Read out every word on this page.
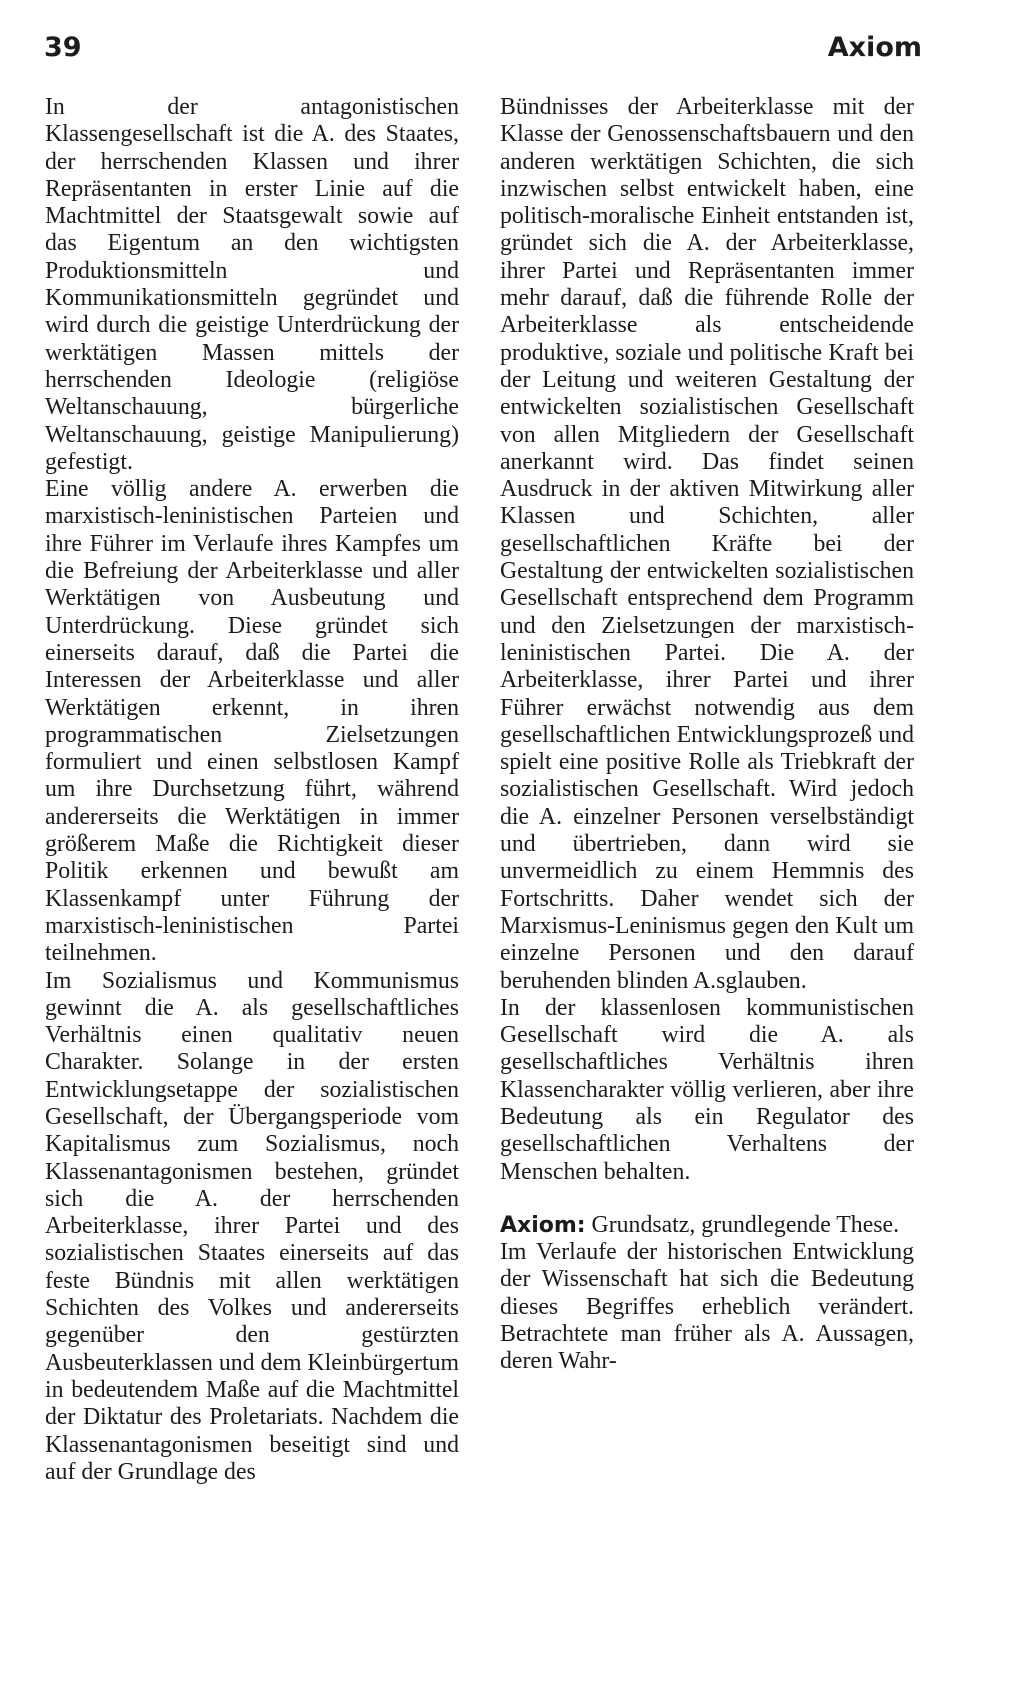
39	Axiom

In der antagonistischen Klassengesellschaft ist die A. des Staates, der herrschenden Klassen und ihrer Repräsentanten in erster Linie auf die Machtmittel der Staatsgewalt sowie auf das Eigentum an den wichtigsten Produktionsmitteln und Kommunikationsmitteln gegründet und wird durch die geistige Unterdrückung der werktätigen Massen mittels der herrschenden Ideologie (religiöse Weltanschauung, bürgerliche Weltanschauung, geistige Manipulierung) gefestigt.

Eine völlig andere A. erwerben die marxistisch-leninistischen Parteien und ihre Führer im Verlaufe ihres Kampfes um die Befreiung der Arbeiterklasse und aller Werktätigen von Ausbeutung und Unterdrückung. Diese gründet sich einerseits darauf, daß die Partei die Interessen der Arbeiterklasse und aller Werktätigen erkennt, in ihren programmatischen Zielsetzungen formuliert und einen selbstlosen Kampf um ihre Durchsetzung führt, während andererseits die Werktätigen in immer größerem Maße die Richtigkeit dieser Politik erkennen und bewußt am Klassenkampf unter Führung der marxistisch-leninistischen Partei teilnehmen.

Im Sozialismus und Kommunismus gewinnt die A. als gesellschaftliches Verhältnis einen qualitativ neuen Charakter. Solange in der ersten Entwicklungsetappe der sozialistischen Gesellschaft, der Übergangsperiode vom Kapitalismus zum Sozialismus, noch Klassenantagonismen bestehen, gründet sich die A. der herrschenden Arbeiterklasse, ihrer Partei und des sozialistischen Staates einerseits auf das feste Bündnis mit allen werktätigen Schichten des Volkes und andererseits gegenüber den gestürzten Ausbeuterklassen und dem Kleinbürgertum in bedeutendem Maße auf die Machtmittel der Diktatur des Proletariats. Nachdem die Klassenantagonismen beseitigt sind und auf der Grundlage des

Bündnisses der Arbeiterklasse mit der Klasse der Genossenschaftsbauern und den anderen werktätigen Schichten, die sich inzwischen selbst entwickelt haben, eine politisch-moralische Einheit entstanden ist, gründet sich die A. der Arbeiterklasse, ihrer Partei und Repräsentanten immer mehr darauf, daß die führende Rolle der Arbeiterklasse als entscheidende produktive, soziale und politische Kraft bei der Leitung und weiteren Gestaltung der entwickelten sozialistischen Gesellschaft von allen Mitgliedern der Gesellschaft anerkannt wird. Das findet seinen Ausdruck in der aktiven Mitwirkung aller Klassen und Schichten, aller gesellschaftlichen Kräfte bei der Gestaltung der entwickelten sozialistischen Gesellschaft entsprechend dem Programm und den Zielsetzungen der marxistisch-leninistischen Partei. Die A. der Arbeiterklasse, ihrer Partei und ihrer Führer erwächst notwendig aus dem gesellschaftlichen Entwicklungsprozeß und spielt eine positive Rolle als Triebkraft der sozialistischen Gesellschaft. Wird jedoch die A. einzelner Personen verselbständigt und übertrieben, dann wird sie unvermeidlich zu einem Hemmnis des Fortschritts. Daher wendet sich der Marxismus-Leninismus gegen den Kult um einzelne Personen und den darauf beruhenden blinden A.sglauben.

In der klassenlosen kommunistischen Gesellschaft wird die A. als gesellschaftliches Verhältnis ihren Klassencharakter völlig verlieren, aber ihre Bedeutung als ein Regulator des gesellschaftlichen Verhaltens der Menschen behalten.

Axiom: Grundsatz, grundlegende These.

Im Verlaufe der historischen Entwicklung der Wissenschaft hat sich die Bedeutung dieses Begriffes erheblich verändert. Betrachtete man früher als A. Aussagen, deren Wahr-
